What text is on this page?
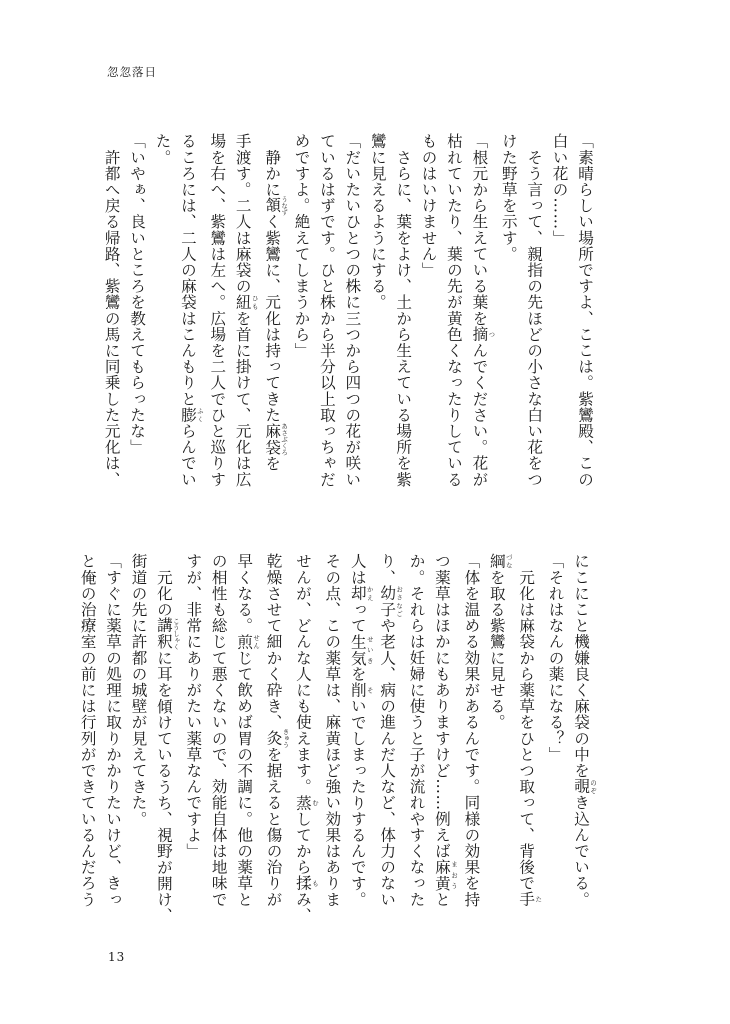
忽忽落日
「素晴らしい場所ですよ、ここは。紫鸞殿、この
白い花の……」
　そう言って、親指の先ほどの小さな白い花をつ
けた野草を示す。
「根元から生えている葉を摘 つんでください。花が
枯れていたり、葉の先が黄色くなったりしている
ものはいけません」
　さらに、葉をよけ、土から生えている場所を紫
鸞に見えるようにする。
「だいたいひとつの株に三つから四つの花が咲い
ているはずです。ひと株から半分以上取っちゃだ
めですよ。絶えてしまうから」
　静かに頷 うなずく紫鸞に、元化は持ってきた麻袋 あさぶくろを
手渡す。二人は麻袋の紐 ひもを首に掛けて、元化は広
場を右へ、紫鸞は左へ。広場を二人でひと巡りす
るころには、二人の麻袋はこんもりと膨 ふくらんでい
た。
「いやぁ、良いところを教えてもらったな」
　許都へ戻る帰路、紫鸞の馬に同乗した元化は、
にこにこと機嫌良く麻袋の中を覗 のぞき込んでいる。
「それはなんの薬になる？」
　元化は麻袋から薬草をひとつ取って、背後で手 た
綱 づなを取る紫鸞に見せる。
「体を温める効果があるんです。同様の効果を持
つ薬草はほかにもありますけど……例えば麻黄 まおうと
か。それらは妊婦に使うと子が流れやすくなった
り、幼子 おさなごや老人、病の進んだ人など、体力のない
人は却 かえって生気 せいきを削 そいでしまったりするんです。
その点、この薬草は、麻黄ほど強い効果はありま
せんが、どんな人にも使えます。蒸 むしてから揉 もみ、
乾燥させて細かく砕き、灸 きゅうを据えると傷の治りが
早くなる。煎 せんじて飲めば胃の不調に。他の薬草と
の相性も総じて悪くないので、効能自体は地味で
すが、非常にありがたい薬草なんですよ」
　元化の講釈 こうしゃくに耳を傾けているうち、視野が開け、
街道の先に許都の城壁が見えてきた。
「すぐに薬草の処理に取りかかりたいけど、きっ
と俺の治療室の前には行列ができているんだろう
13
